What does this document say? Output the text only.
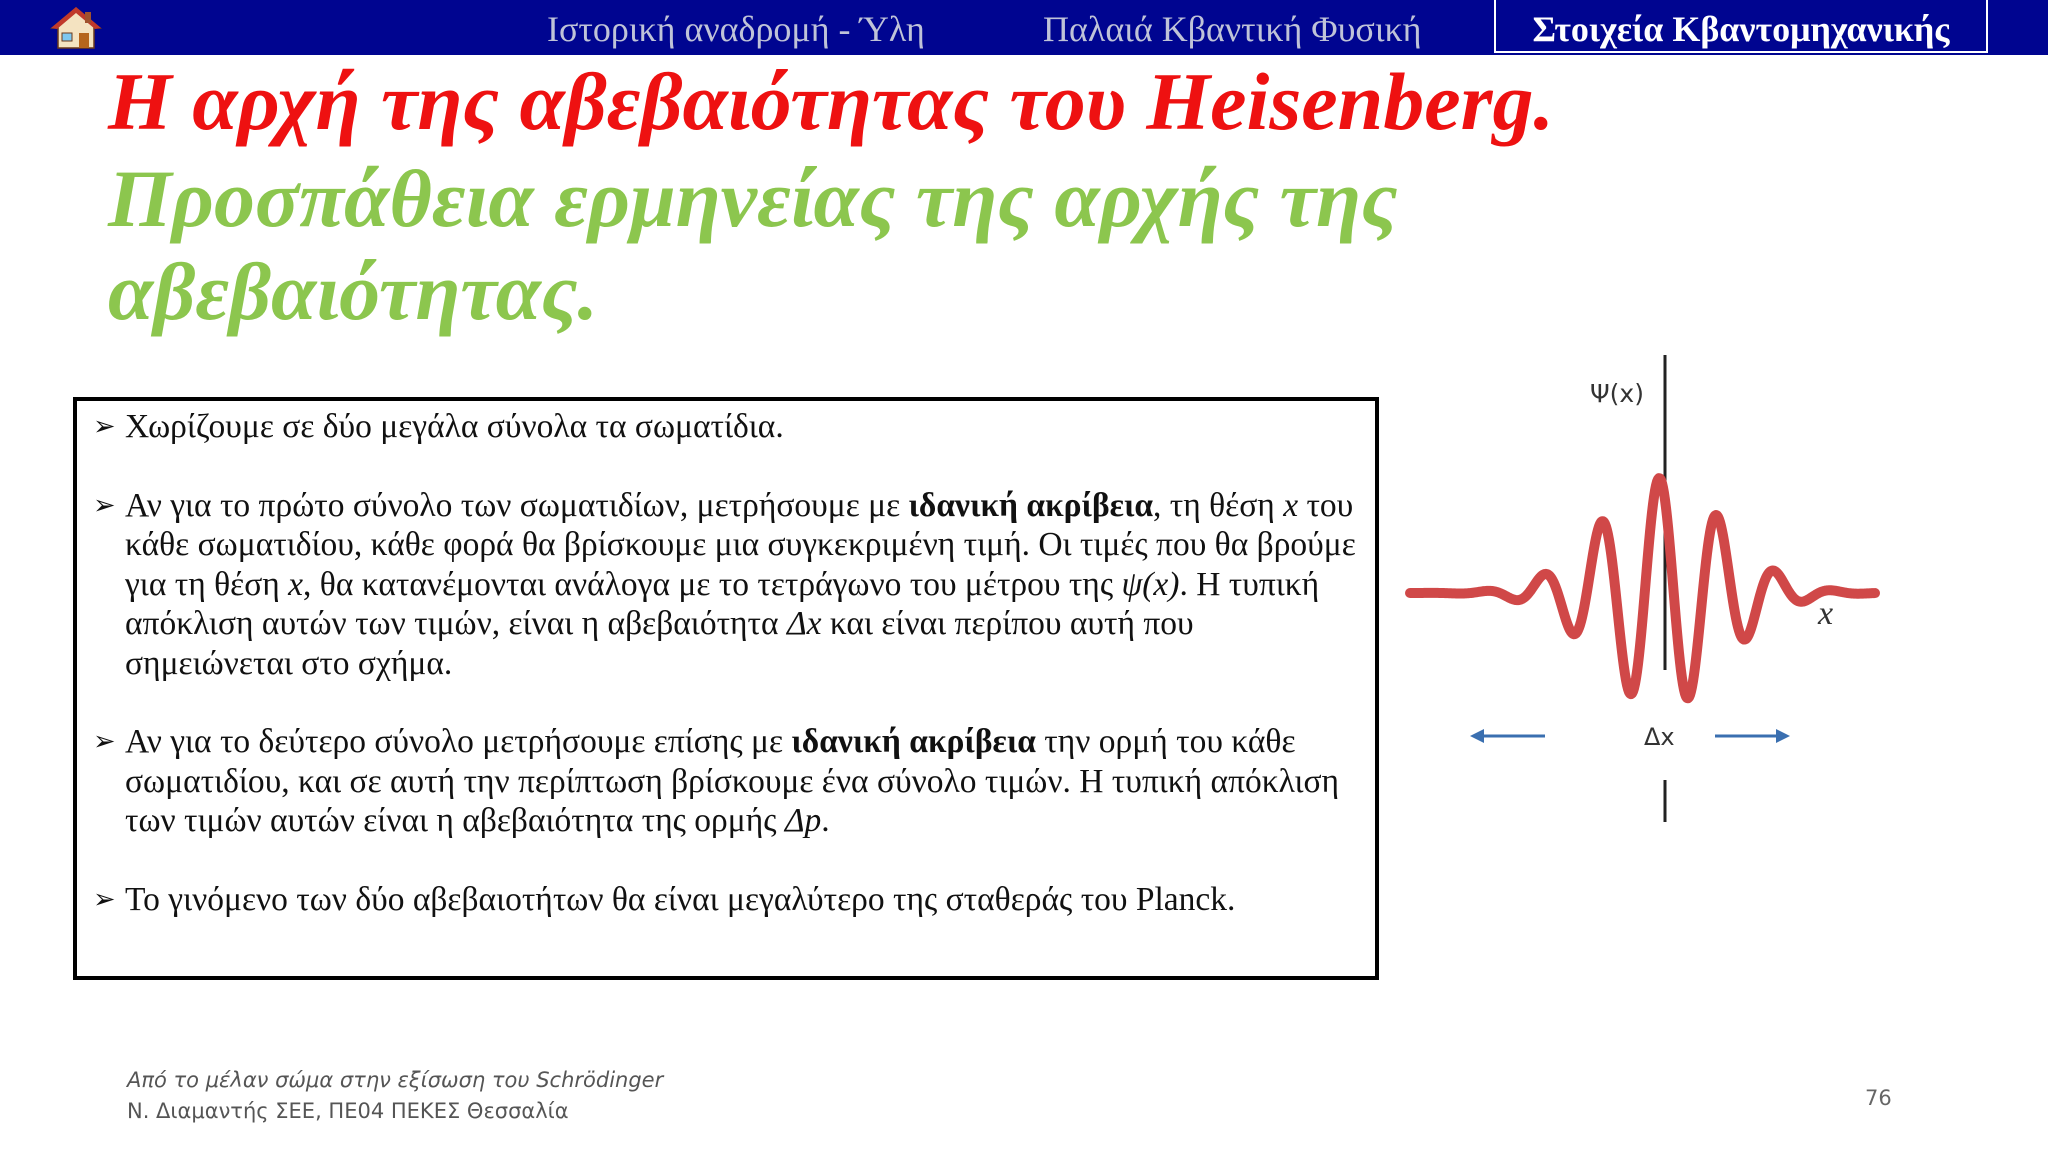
Ιστορική αναδρομή - Ύλη	Παλαιά Κβαντική Φυσική	Στοιχεία Κβαντομηχανικής
Η αρχή της αβεβαιότητας του Heisenberg.
Προσπάθεια ερμηνείας της αρχής της
αβεβαιότητας.

➢ Χωρίζουμε σε δύο μεγάλα σύνολα τα σωματίδια.

➢ Αν για το πρώτο σύνολο των σωματιδίων, μετρήσουμε με ιδανική ακρίβεια, τη θέση x του κάθε σωματιδίου, κάθε φορά θα βρίσκουμε μια συγκεκριμένη τιμή. Οι τιμές που θα βρούμε για τη θέση x, θα κατανέμονται ανάλογα με το τετράγωνο του μέτρου της ψ(x). Η τυπική απόκλιση αυτών των τιμών, είναι η αβεβαιότητα Δx και είναι περίπου αυτή που σημειώνεται στο σχήμα.

➢ Αν για το δεύτερο σύνολο μετρήσουμε επίσης με ιδανική ακρίβεια την ορμή του κάθε σωματιδίου, και σε αυτή την περίπτωση βρίσκουμε ένα σύνολο τιμών. Η τυπική απόκλιση των τιμών αυτών είναι η αβεβαιότητα της ορμής Δp.

➢ Το γινόμενο των δύο αβεβαιοτήτων θα είναι μεγαλύτερο της σταθεράς του Planck.

Ψ(x)
x
Δx
Από το μέλαν σώμα στην εξίσωση του Schrödinger
Ν. Διαμαντής ΣΕΕ, ΠΕ04 ΠΕΚΕΣ Θεσσαλία
76
